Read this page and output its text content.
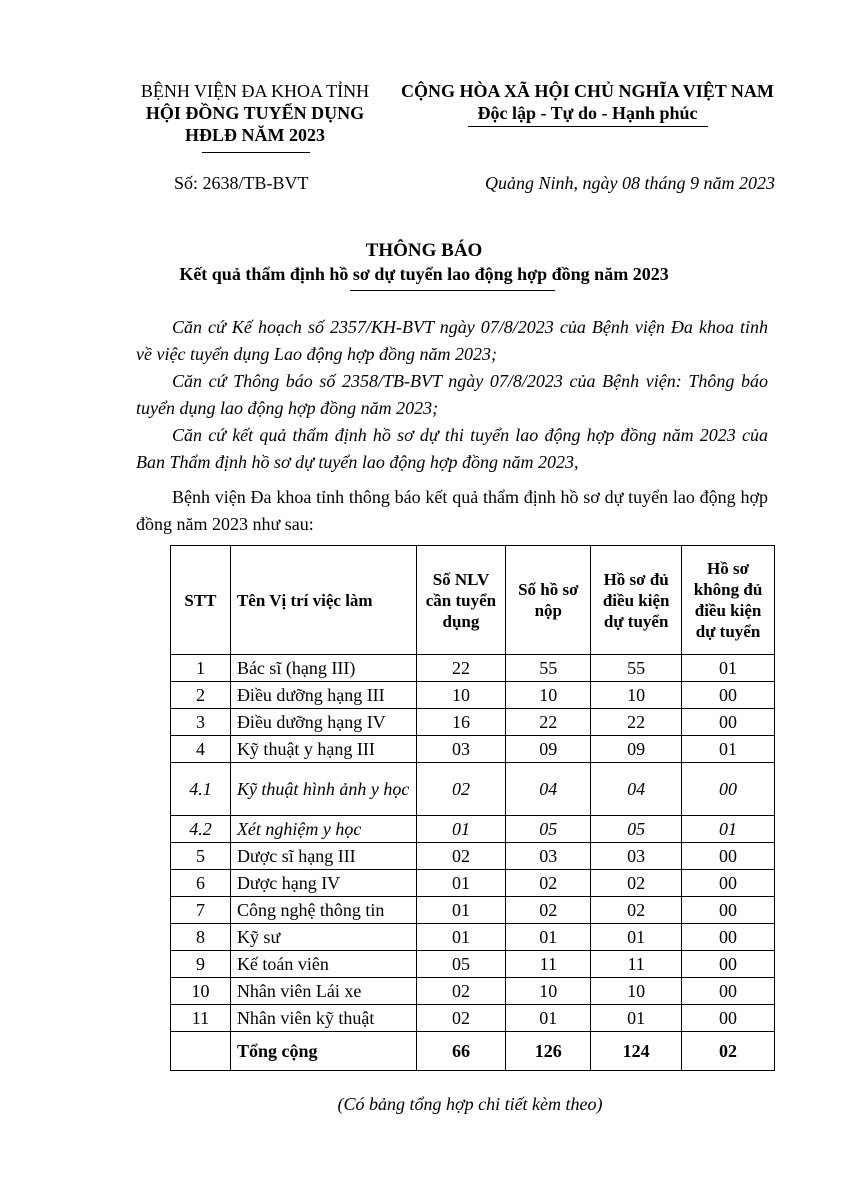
BỆNH VIỆN ĐA KHOA TỈNH
HỘI ĐỒNG TUYỂN DỤNG
HĐLĐ NĂM 2023
CỘNG HÒA XÃ HỘI CHỦ NGHĨA VIỆT NAM
Độc lập - Tự do - Hạnh phúc
Số: 2638/TB-BVT	Quảng Ninh, ngày 08 tháng 9 năm 2023
THÔNG BÁO
Kết quả thẩm định hồ sơ dự tuyển lao động hợp đồng năm 2023

Căn cứ Kế hoạch số 2357/KH-BVT ngày 07/8/2023 của Bệnh viện Đa khoa tỉnh về việc tuyển dụng Lao động hợp đồng năm 2023;

Căn cứ Thông báo số 2358/TB-BVT ngày 07/8/2023 của Bệnh viện: Thông báo tuyển dụng lao động hợp đồng năm 2023;

Căn cứ kết quả thẩm định hồ sơ dự thi tuyển lao động hợp đồng năm 2023 của Ban Thẩm định hồ sơ dự tuyển lao động hợp đồng năm 2023,

Bệnh viện Đa khoa tỉnh thông báo kết quả thẩm định hồ sơ dự tuyển lao động hợp đồng năm 2023 như sau:

STT	Tên Vị trí việc làm	Số NLV cần tuyển dụng	Số hồ sơ nộp	Hồ sơ đủ điều kiện dự tuyển	Hồ sơ không đủ điều kiện dự tuyển
1	Bác sĩ (hạng III)	22	55	55	01
2	Điều dưỡng hạng III	10	10	10	00
3	Điều dưỡng hạng IV	16	22	22	00
4	Kỹ thuật y hạng III	03	09	09	01
4.1	Kỹ thuật hình ảnh y học	02	04	04	00
4.2	Xét nghiệm y học	01	05	05	01
5	Dược sĩ hạng III	02	03	03	00
6	Dược hạng IV	01	02	02	00
7	Công nghệ thông tin	01	02	02	00
8	Kỹ sư	01	01	01	00
9	Kế toán viên	05	11	11	00
10	Nhân viên Lái xe	02	10	10	00
11	Nhân viên kỹ thuật	02	01	01	00
	Tổng cộng	66	126	124	02
(Có bảng tổng hợp chi tiết kèm theo)
